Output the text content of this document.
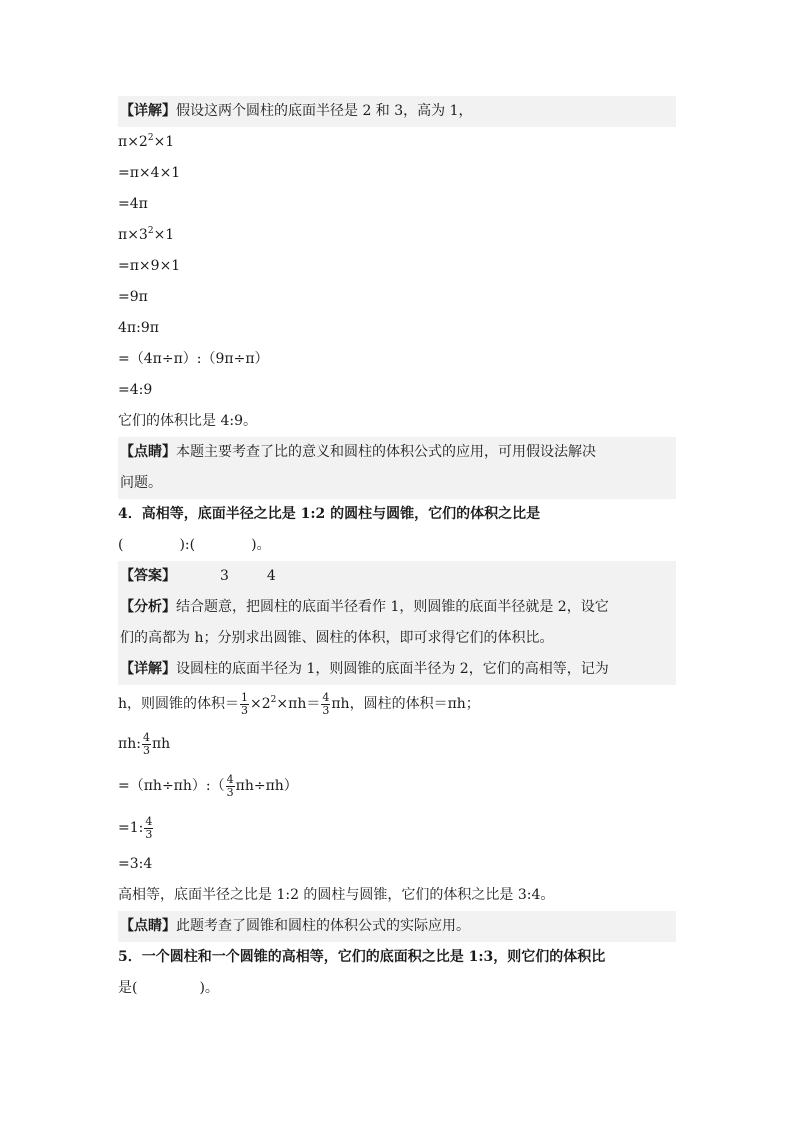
【详解】假设这两个圆柱的底面半径是 2 和 3，高为 1，
$\pi\times 2^2\times 1$
=π×4×1
=4π
$\pi\times 3^2\times 1$
=π×9×1
=9π
4π:9π
=（4π÷π）:（9π÷π）
=4:9
它们的体积比是 4:9。
【点睛】本题主要考查了比的意义和圆柱的体积公式的应用，可用假设法解决
问题。
4．高相等，底面半径之比是 1:2 的圆柱与圆锥，它们的体积之比是
(	):(	)。
【答案】	3	4
【分析】结合题意，把圆柱的底面半径看作 1，则圆锥的底面半径就是 2，设它
们的高都为 h；分别求出圆锥、圆柱的体积，即可求得它们的体积比。
【详解】设圆柱的底面半径为 1，则圆锥的底面半径为 2，它们的高相等，记为
h，则圆锥的体积＝ $\frac{1}{3} \times 2^2\times\pi h= \frac{4}{3}$ πh，圆柱的体积＝πh；
πh: $\frac{4}{3}$ πh
=（πh÷πh）:（ $\frac{4}{3} \pi h\div\pi h$）
=1: $\frac{4}{3}$
=3:4
高相等，底面半径之比是 1:2 的圆柱与圆锥，它们的体积之比是 3:4。
【点睛】此题考查了圆锥和圆柱的体积公式的实际应用。
5．一个圆柱和一个圆锥的高相等，它们的底面积之比是 1:3，则它们的体积比
是(	)。
